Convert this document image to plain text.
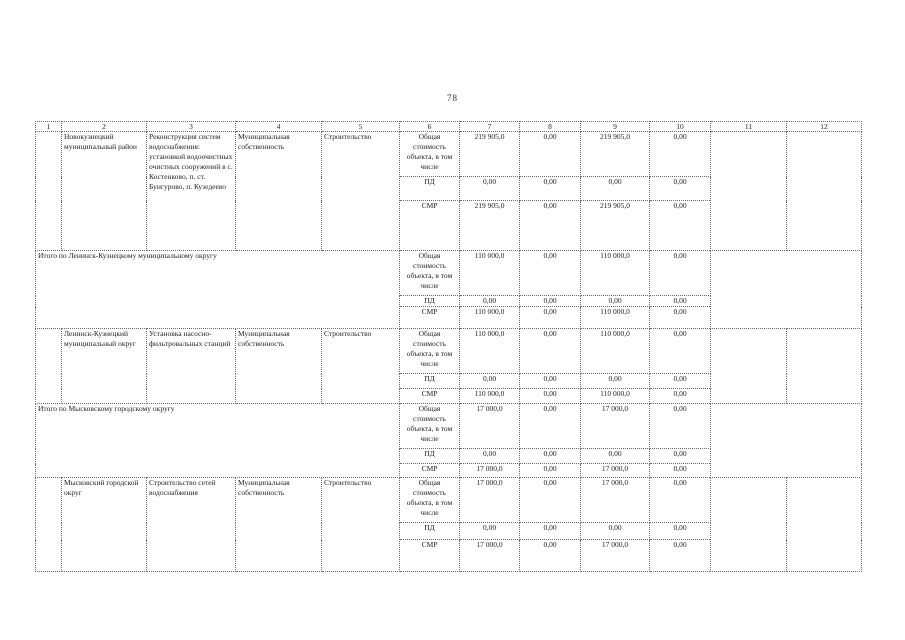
78
1	2	3	4	5	6	7	8	9	10	11	12
	Новокузнецкий муниципальный район	Реконструкция систем водоснабжения: установкой водоочистных очистных сооружений в с. Костенково, п. ст. Бунгурово, п. Кузедеево	Муниципальная собственность	Строительство	Общая стоимость объекта, в том числе	219 905,0	0,00	219 905,0	0,00		
					ПД	0,00	0,00	0,00	0,00		
					СМР	219 905,0	0,00	219 905,0	0,00		
Итого по Ленинск-Кузнецкому муниципальному округу					Общая стоимость объекта, в том числе	110 000,0	0,00	110 000,0	0,00		
					ПД	0,00	0,00	0,00	0,00		
					СМР	110 000,0	0,00	110 000,0	0,00		
	Ленинск-Кузнецкий муниципальный округ	Установка насосно-фильтровальных станций	Муниципальная собственность	Строительство	Общая стоимость объекта, в том числе	110 000,0	0,00	110 000,0	0,00		
					ПД	0,00	0,00	0,00	0,00		
					СМР	110 000,0	0,00	110 000,0	0,00		
Итого по Мысковскому городскому округу					Общая стоимость объекта, в том числе	17 000,0	0,00	17 000,0	0,00		
					ПД	0,00	0,00	0,00	0,00		
					СМР	17 000,0	0,00	17 000,0	0,00		
	Мысковский городской округ	Строительство сетей водоснабжения	Муниципальная собственность	Строительство	Общая стоимость объекта, в том числе	17 000,0	0,00	17 000,0	0,00		
					ПД	0,00	0,00	0,00	0,00		
					СМР	17 000,0	0,00	17 000,0	0,00		
